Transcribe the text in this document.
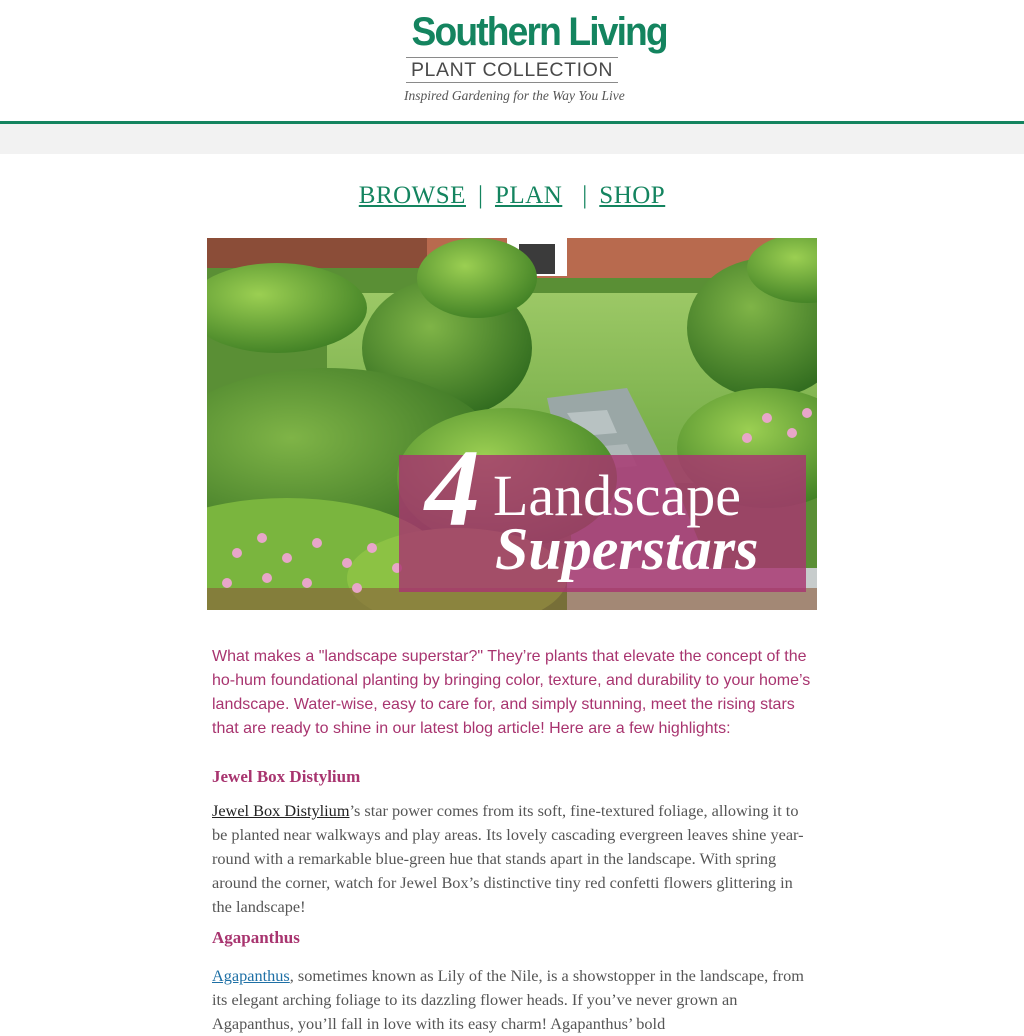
Southern Living
PLANT COLLECTION
Inspired Gardening for the Way You Live
BROWSE | PLAN | SHOP
4 Landscape
Superstars
What makes a "landscape superstar?" They’re plants that elevate the concept of the ho-hum foundational planting by bringing color, texture, and durability to your home’s landscape. Water-wise, easy to care for, and simply stunning, meet the rising stars that are ready to shine in our latest blog article! Here are a few highlights:
Jewel Box Distylium
Jewel Box Distylium’s star power comes from its soft, fine-textured foliage, allowing it to be planted near walkways and play areas. Its lovely cascading evergreen leaves shine year-round with a remarkable blue-green hue that stands apart in the landscape. With spring around the corner, watch for Jewel Box’s distinctive tiny red confetti flowers glittering in the landscape!
Agapanthus
Agapanthus, sometimes known as Lily of the Nile, is a showstopper in the landscape, from its elegant arching foliage to its dazzling flower heads. If you’ve never grown an Agapanthus, you’ll fall in love with its easy charm! Agapanthus’ bold
